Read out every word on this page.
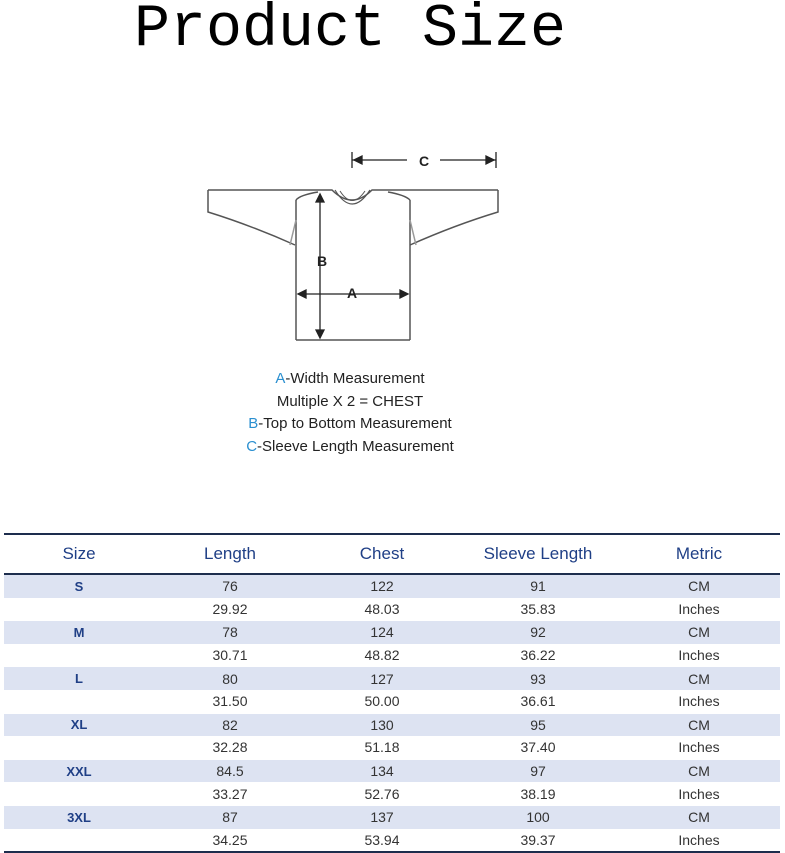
Product Size
A
B
C
A-Width Measurement
Multiple X 2 = CHEST
B-Top to Bottom Measurement
C-Sleeve Length Measurement
Size	Length	Chest	Sleeve Length	Metric
S	76	122	91	CM
	29.92	48.03	35.83	Inches
M	78	124	92	CM
	30.71	48.82	36.22	Inches
L	80	127	93	CM
	31.50	50.00	36.61	Inches
XL	82	130	95	CM
	32.28	51.18	37.40	Inches
XXL	84.5	134	97	CM
	33.27	52.76	38.19	Inches
3XL	87	137	100	CM
	34.25	53.94	39.37	Inches
